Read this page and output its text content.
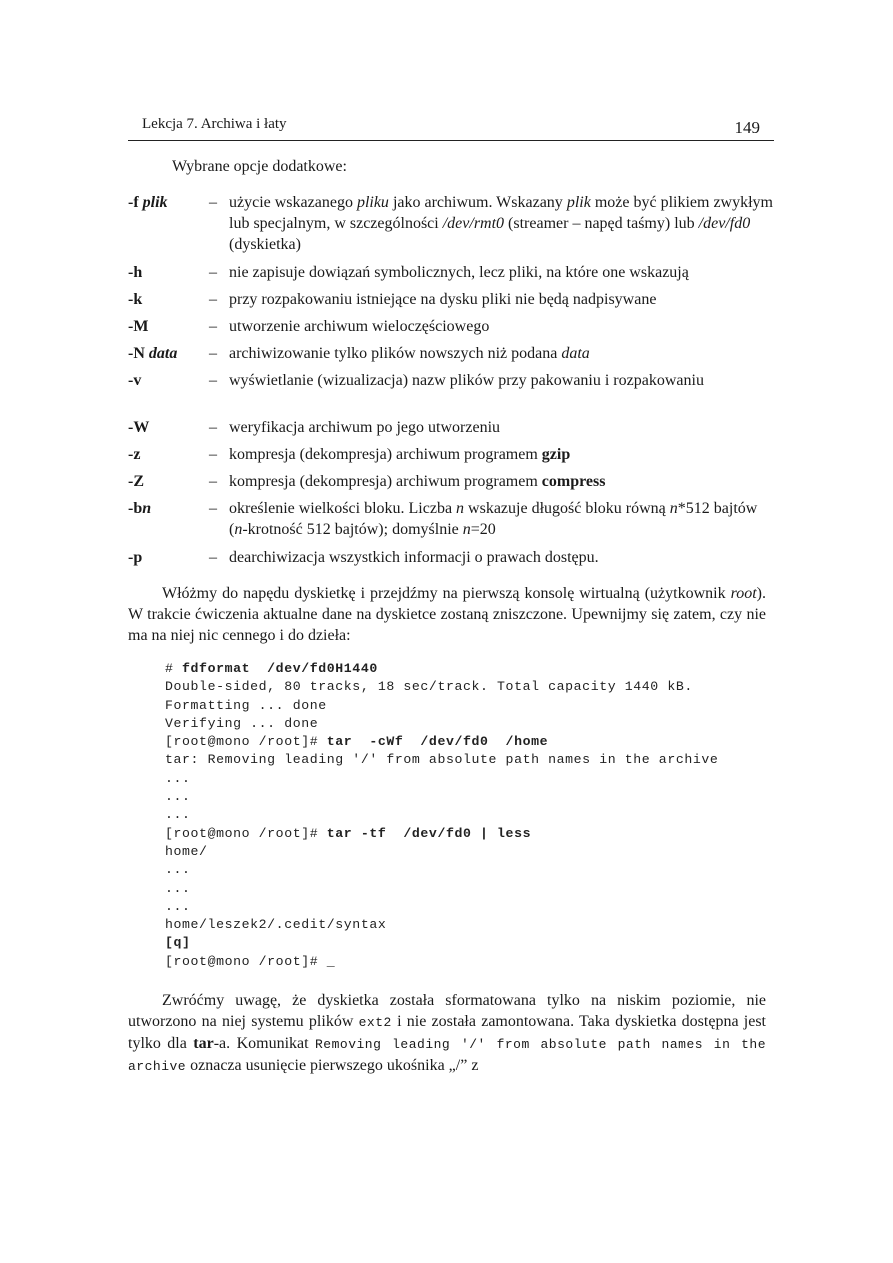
Lekcja 7. Archiwa i łaty	149
Wybrane opcje dodatkowe:
-f plik	– użycie wskazanego pliku jako archiwum. Wskazany plik może być plikiem zwykłym lub specjalnym, w szczególności /dev/rmt0 (streamer – napęd taśmy) lub /dev/fd0 (dyskietka)
-h	– nie zapisuje dowiązań symbolicznych, lecz pliki, na które one wskazują
-k	– przy rozpakowaniu istniejące na dysku pliki nie będą nadpisywane
-M	– utworzenie archiwum wieloczęściowego
-N data	– archiwizowanie tylko plików nowszych niż podana data
-v	– wyświetlanie (wizualizacja) nazw plików przy pakowaniu i rozpakowaniu
-W	– weryfikacja archiwum po jego utworzeniu
-z	– kompresja (dekompresja) archiwum programem gzip
-Z	– kompresja (dekompresja) archiwum programem compress
-bn	– określenie wielkości bloku. Liczba n wskazuje długość bloku równą n*512 bajtów (n-krotność 512 bajtów); domyślnie n=20
-p	– dearchiwizacja wszystkich informacji o prawach dostępu.

Włóżmy do napędu dyskietkę i przejdźmy na pierwszą konsolę wirtualną (użytkownik root). W trakcie ćwiczenia aktualne dane na dyskietce zostaną zniszczone. Upewnijmy się zatem, czy nie ma na niej nic cennego i do dzieła:

# fdformat  /dev/fd0H1440
Double-sided, 80 tracks, 18 sec/track. Total capacity 1440 kB.
Formatting ... done
Verifying ... done
[root@mono /root]# tar  -cWf  /dev/fd0  /home
tar: Removing leading '/' from absolute path names in the archive
...
...
...
[root@mono /root]# tar -tf  /dev/fd0 | less
home/
...
...
...
home/leszek2/.cedit/syntax
[q]
[root@mono /root]# _

Zwróćmy uwagę, że dyskietka została sformatowana tylko na niskim poziomie, nie utworzono na niej systemu plików ext2 i nie została zamontowana. Taka dyskietka dostępna jest tylko dla tar-a. Komunikat Removing leading '/' from absolute path names in the archive oznacza usunięcie pierwszego ukośnika „/” z
